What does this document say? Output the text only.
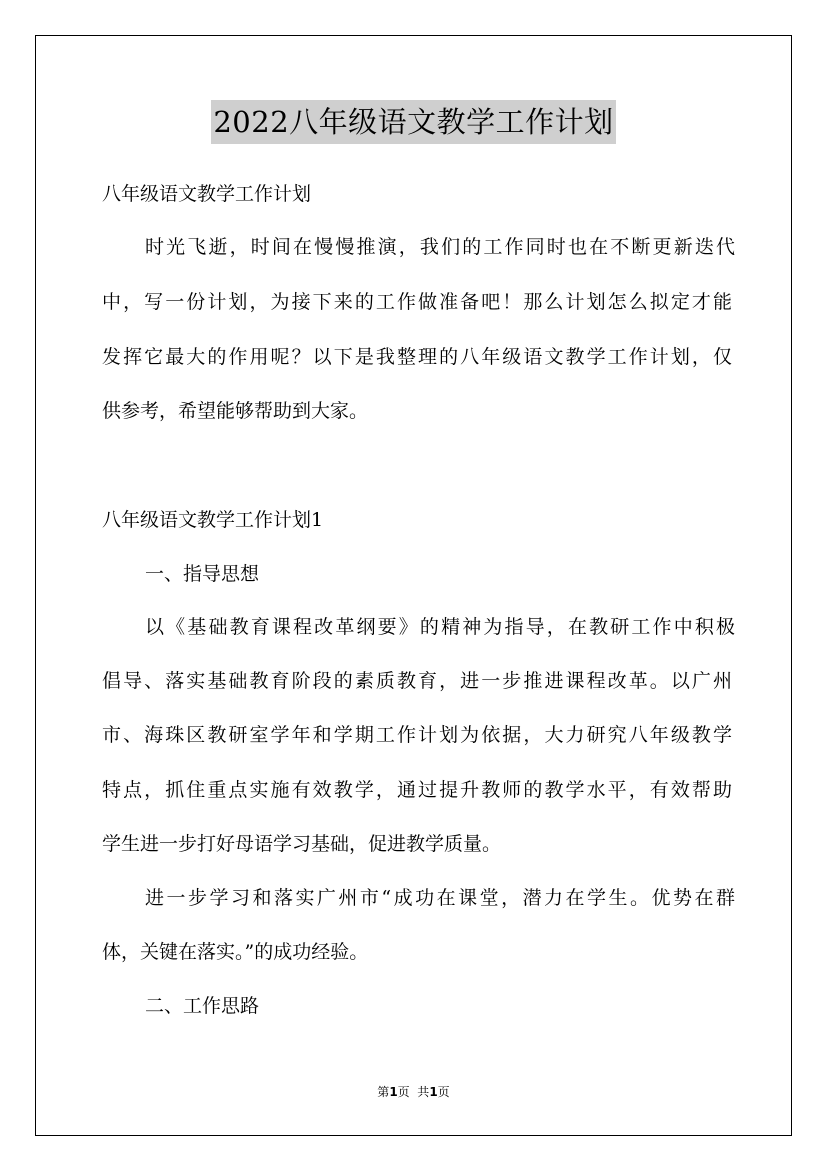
2022八年级语文教学工作计划

八年级语文教学工作计划

时光飞逝，时间在慢慢推演，我们的工作同时也在不断更新迭代

中，写一份计划，为接下来的工作做准备吧！那么计划怎么拟定才能

发挥它最大的作用呢？以下是我整理的八年级语文教学工作计划，仅

供参考，希望能够帮助到大家。

八年级语文教学工作计划1

一、指导思想

以《基础教育课程改革纲要》的精神为指导，在教研工作中积极

倡导、落实基础教育阶段的素质教育，进一步推进课程改革。以广州

市、海珠区教研室学年和学期工作计划为依据，大力研究八年级教学

特点，抓住重点实施有效教学，通过提升教师的教学水平，有效帮助

学生进一步打好母语学习基础，促进教学质量。

进一步学习和落实广州市“成功在课堂，潜力在学生。优势在群

体，关键在落实。”的成功经验。

二、工作思路

第1页  共1页
